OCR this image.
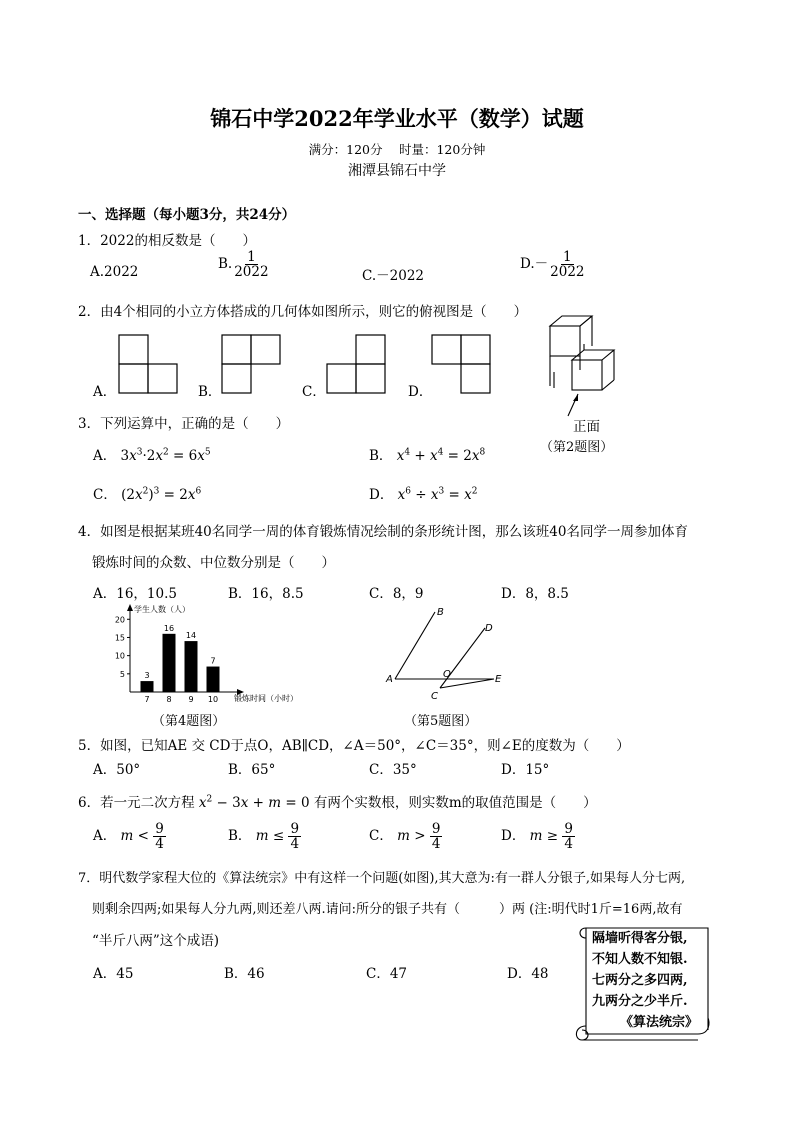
锦石中学2022年学业水平（数学）试题
满分：120分　 时量：120分钟
湘潭县锦石中学
一、选择题（每小题3分，共24分）
1．2022的相反数是（　　）
A.2022	B. $\frac{1}{2022}$	C.－2022
$D.- \frac{1}{2022}$
2．由4个相同的小立方体搭成的几何体如图所示，则它的俯视图是（　　）
A．	B．	C．	D．
正面
（第2题图）
3．下列运算中，正确的是（　　）
A． $3x^3\cdot 2x^2 = 6x^5$	B． $x^4 + x^4 = 2x^8$
C． $(2x^2)^3 = 2x^6$	D． $x^6 \div x^3 = x^2$
4．如图是根据某班40名同学一周的体育锻炼情况绘制的条形统计图，那么该班40名同学一周参加体育
锻炼时间的众数、中位数分别是（　　）
A．16，10.5	B．16，8.5	C．8，9	D．8，8.5
学生人数（人）
锻炼时间（小时）
5
10
15
20
3
7
16
8
14
9
7
10
（第4题图）
B
D
O
A
C
E
（第5题图）
5．如图，已知AE 交 CD于点O，AB∥CD，∠A＝50°，∠C＝35°，则∠E的度数为（　　）
A．50°	B．65°	C．35°	D．15°
6．若一元二次方程 $x^2 - 3x + m = 0$ 有两个实数根，则实数m的取值范围是（　　）
A． $m < \frac{9}{4}$	B． $m \le \frac{9}{4}$	C． $m > \frac{9}{4}$	D． $m \ge \frac{9}{4}$
7．明代数学家程大位的《算法统宗》中有这样一个问题(如图),其大意为:有一群人分银子,如果每人分七两,
则剩余四两;如果每人分九两,则还差八两.请问:所分的银子共有（　　　）两 (注:明代时1斤=16两,故有
“半斤八两”这个成语)
A．45	B．46	C．47	D．48
隔墙听得客分银,
不知人数不知银.
七两分之多四两,
九两分之少半斤.
《算法统宗》
